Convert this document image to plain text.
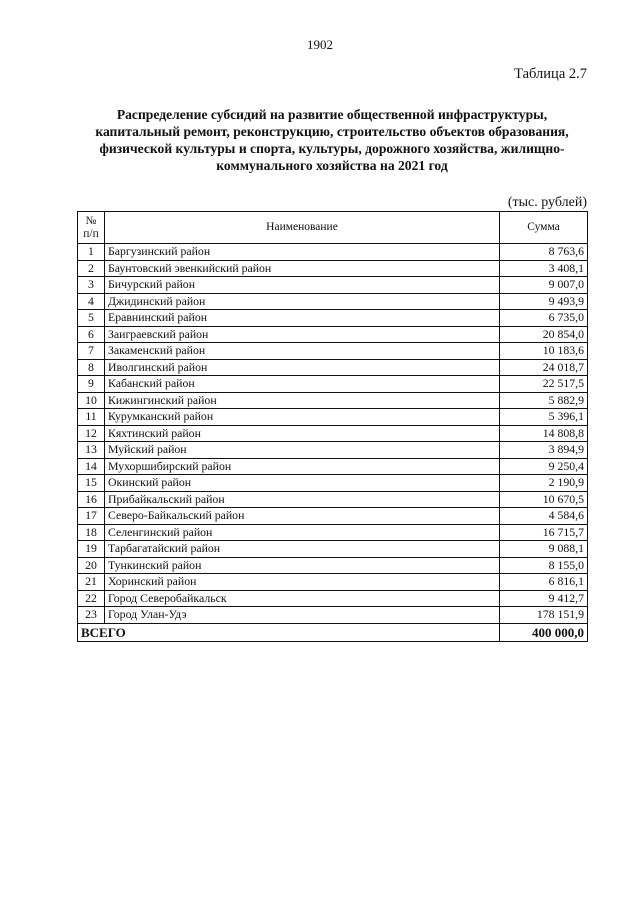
1902
Таблица 2.7
Распределение субсидий на развитие общественной инфраструктуры, капитальный ремонт, реконструкцию, строительство объектов образования, физической культуры и спорта, культуры, дорожного хозяйства, жилищно-коммунального хозяйства на 2021 год
(тыс. рублей)
№ п/п	Наименование	Сумма
1	Баргузинский район	8 763,6
2	Баунтовский эвенкийский район	3 408,1
3	Бичурский район	9 007,0
4	Джидинский район	9 493,9
5	Еравнинский район	6 735,0
6	Заиграевский район	20 854,0
7	Закаменский район	10 183,6
8	Иволгинский район	24 018,7
9	Кабанский район	22 517,5
10	Кижингинский район	5 882,9
11	Курумканский район	5 396,1
12	Кяхтинский район	14 808,8
13	Муйский район	3 894,9
14	Мухоршибирский район	9 250,4
15	Окинский район	2 190,9
16	Прибайкальский район	10 670,5
17	Северо-Байкальский район	4 584,6
18	Селенгинский район	16 715,7
19	Тарбагатайский район	9 088,1
20	Тункинский район	8 155,0
21	Хоринский район	6 816,1
22	Город Северобайкальск	9 412,7
23	Город Улан-Удэ	178 151,9
ВСЕГО		400 000,0
